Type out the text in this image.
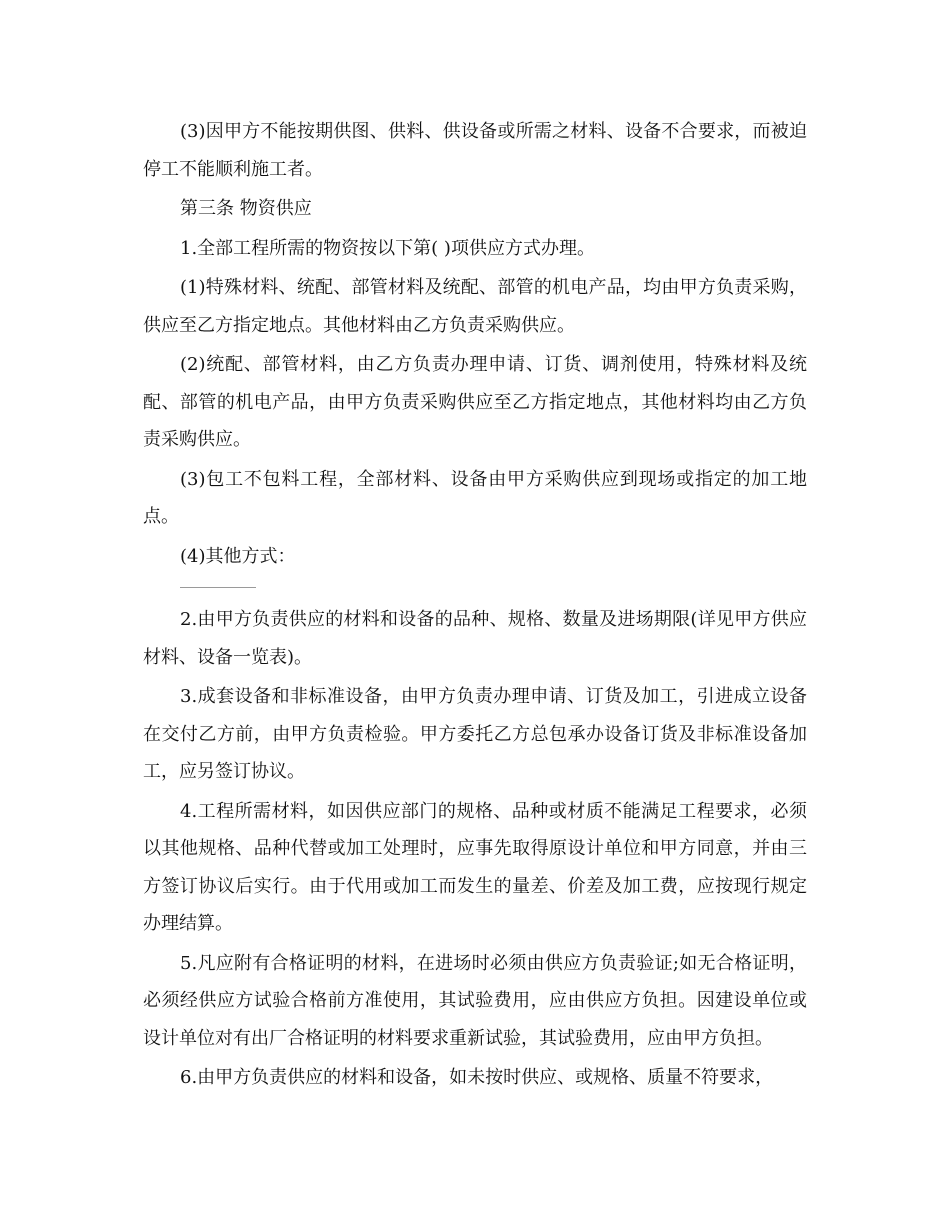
(3)因甲方不能按期供图、供料、供设备或所需之材料、设备不合要求，而被迫停工不能顺利施工者。

第三条 物资供应

1.全部工程所需的物资按以下第( )项供应方式办理。

(1)特殊材料、统配、部管材料及统配、部管的机电产品，均由甲方负责采购，供应至乙方指定地点。其他材料由乙方负责采购供应。

(2)统配、部管材料，由乙方负责办理申请、订货、调剂使用，特殊材料及统配、部管的机电产品，由甲方负责采购供应至乙方指定地点，其他材料均由乙方负责采购供应。

(3)包工不包料工程，全部材料、设备由甲方采购供应到现场或指定的加工地点。

(4)其他方式：

2.由甲方负责供应的材料和设备的品种、规格、数量及进场期限(详见甲方供应材料、设备一览表)。

3.成套设备和非标准设备，由甲方负责办理申请、订货及加工，引进成立设备在交付乙方前，由甲方负责检验。甲方委托乙方总包承办设备订货及非标准设备加工，应另签订协议。

4.工程所需材料，如因供应部门的规格、品种或材质不能满足工程要求，必须以其他规格、品种代替或加工处理时，应事先取得原设计单位和甲方同意，并由三方签订协议后实行。由于代用或加工而发生的量差、价差及加工费，应按现行规定办理结算。

5.凡应附有合格证明的材料，在进场时必须由供应方负责验证;如无合格证明，必须经供应方试验合格前方准使用，其试验费用，应由供应方负担。因建设单位或设计单位对有出厂合格证明的材料要求重新试验，其试验费用，应由甲方负担。

6.由甲方负责供应的材料和设备，如未按时供应、或规格、质量不符要求，
